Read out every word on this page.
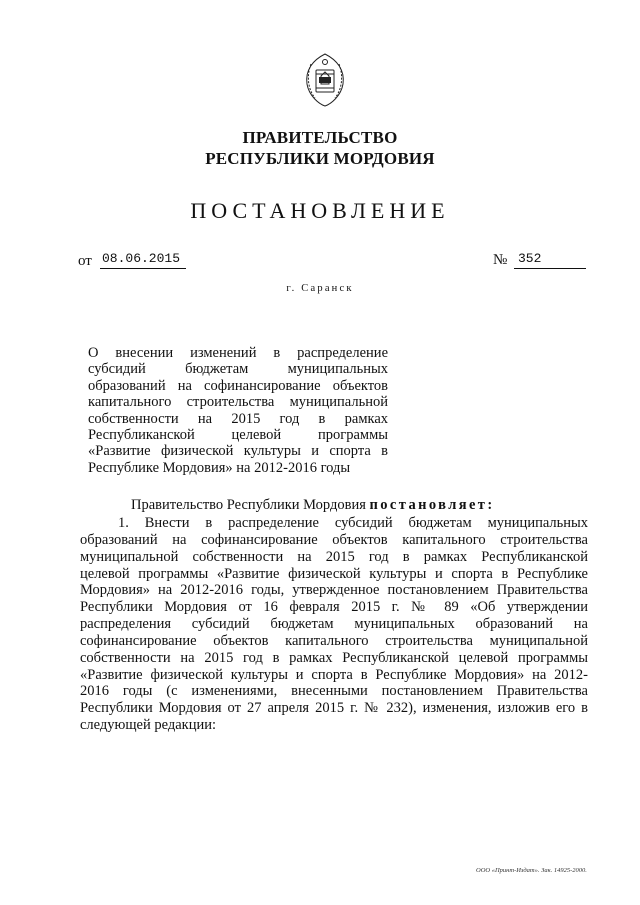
ПРАВИТЕЛЬСТВО
РЕСПУБЛИКИ МОРДОВИЯ
ПОСТАНОВЛЕНИЕ
от 08.06.2015	№ 352
г. Саранск
О внесении изменений в распределение
субсидий бюджетам муниципальных
образований на софинансирование объектов
капитального строительства муниципальной
собственности на 2015 год в рамках
Республиканской целевой программы
«Развитие физической культуры и спорта в
Республике Мордовия» на 2012-2016 годы
Правительство Республики Мордовия постановляет:
1. Внести в распределение субсидий бюджетам муниципальных
образований на софинансирование объектов капитального строительства
муниципальной собственности на 2015 год в рамках Республиканской
целевой программы «Развитие физической культуры и спорта в Республике
Мордовия» на 2012-2016 годы, утвержденное постановлением Правительства
Республики Мордовия от 16 февраля 2015 г. № 89 «Об утверждении
распределения субсидий бюджетам муниципальных образований на
софинансирование объектов капитального строительства муниципальной
собственности на 2015 год в рамках Республиканской целевой программы
«Развитие физической культуры и спорта в Республике Мордовия» на 2012-
2016 годы (с изменениями, внесенными постановлением Правительства
Республики Мордовия от 27 апреля 2015 г. № 232), изменения, изложив его в
следующей редакции:
ООО «Принт-Издат». Зак. 14925-2000.
